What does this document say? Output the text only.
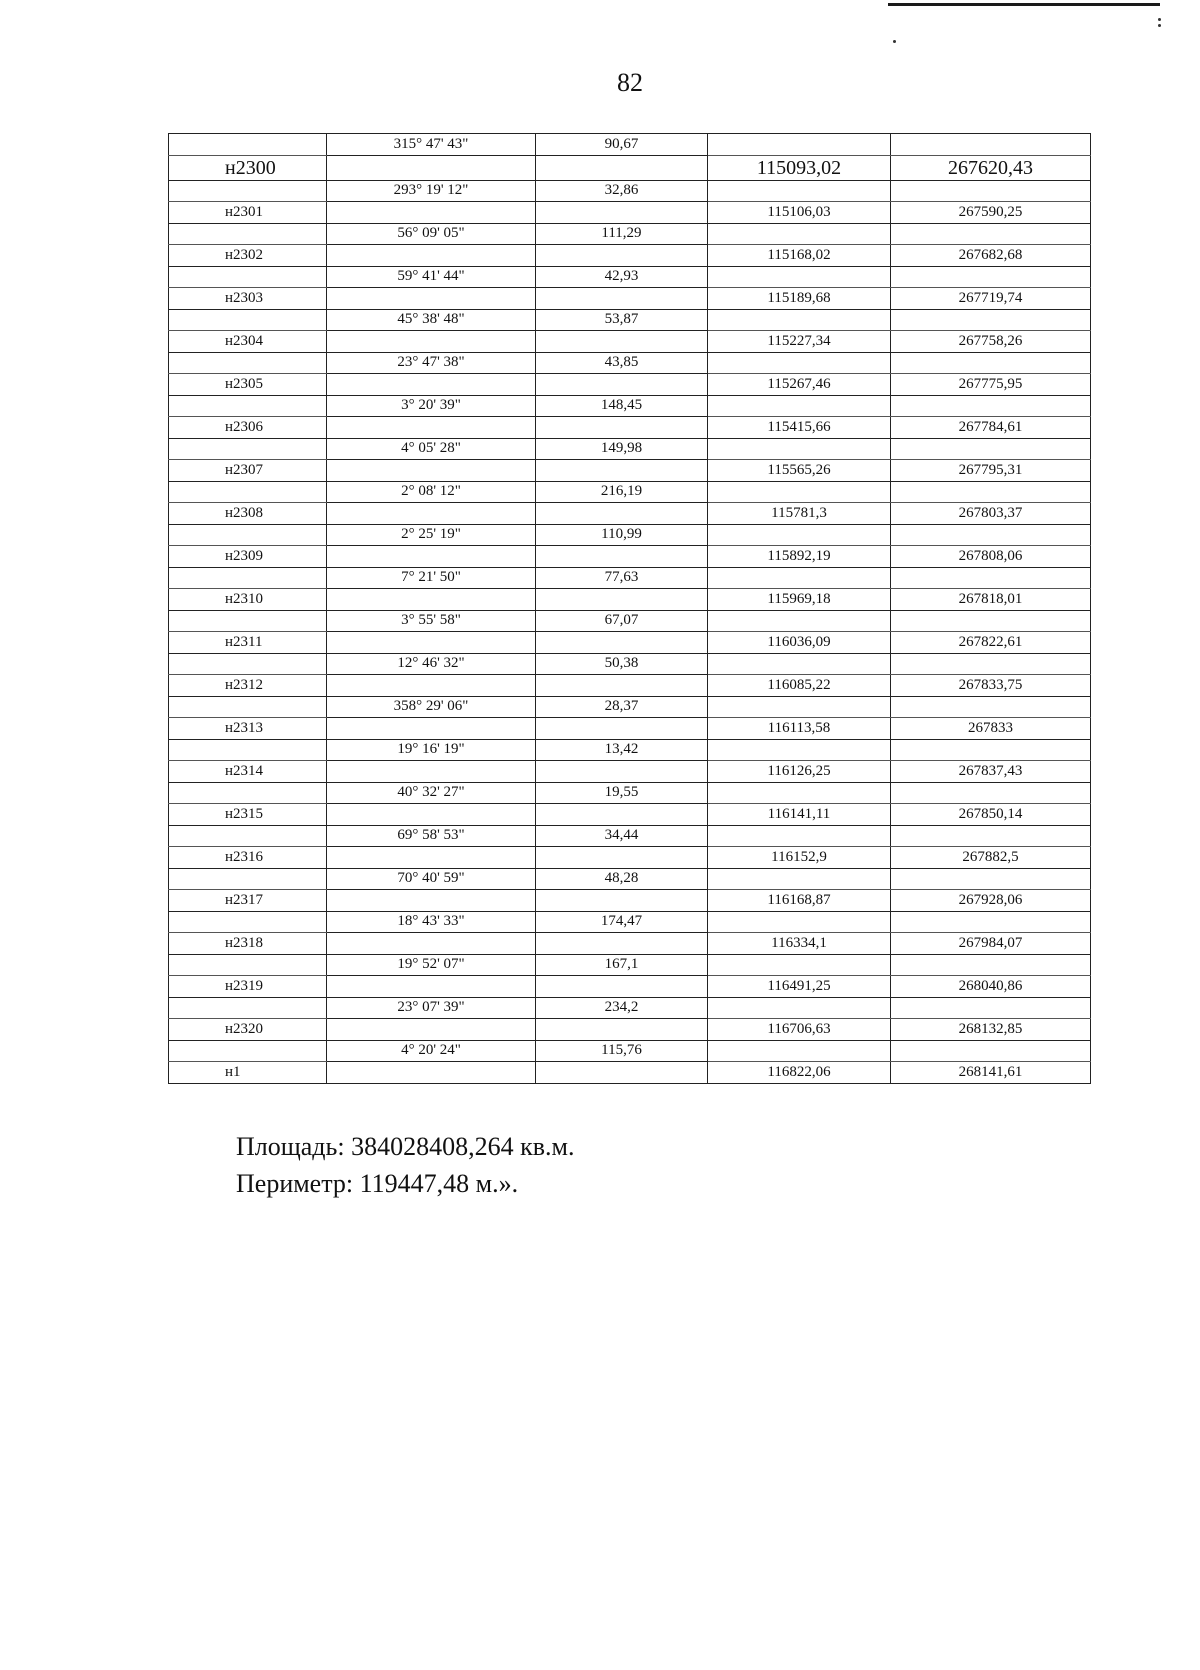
82
	315° 47' 43"	90,67		
н2300			115093,02	267620,43
	293° 19' 12"	32,86		
н2301			115106,03	267590,25
	56° 09' 05"	111,29		
н2302			115168,02	267682,68
	59° 41' 44"	42,93		
н2303			115189,68	267719,74
	45° 38' 48"	53,87		
н2304			115227,34	267758,26
	23° 47' 38"	43,85		
н2305			115267,46	267775,95
	3° 20' 39"	148,45		
н2306			115415,66	267784,61
	4° 05' 28"	149,98		
н2307			115565,26	267795,31
	2° 08' 12"	216,19		
н2308			115781,3	267803,37
	2° 25' 19"	110,99		
н2309			115892,19	267808,06
	7° 21' 50"	77,63		
н2310			115969,18	267818,01
	3° 55' 58"	67,07		
н2311			116036,09	267822,61
	12° 46' 32"	50,38		
н2312			116085,22	267833,75
	358° 29' 06"	28,37		
н2313			116113,58	267833
	19° 16' 19"	13,42		
н2314			116126,25	267837,43
	40° 32' 27"	19,55		
н2315			116141,11	267850,14
	69° 58' 53"	34,44		
н2316			116152,9	267882,5
	70° 40' 59"	48,28		
н2317			116168,87	267928,06
	18° 43' 33"	174,47		
н2318			116334,1	267984,07
	19° 52' 07"	167,1		
н2319			116491,25	268040,86
	23° 07' 39"	234,2		
н2320			116706,63	268132,85
	4° 20' 24"	115,76		
н1			116822,06	268141,61
Площадь: 384028408,264 кв.м.
Периметр: 119447,48 м.».
